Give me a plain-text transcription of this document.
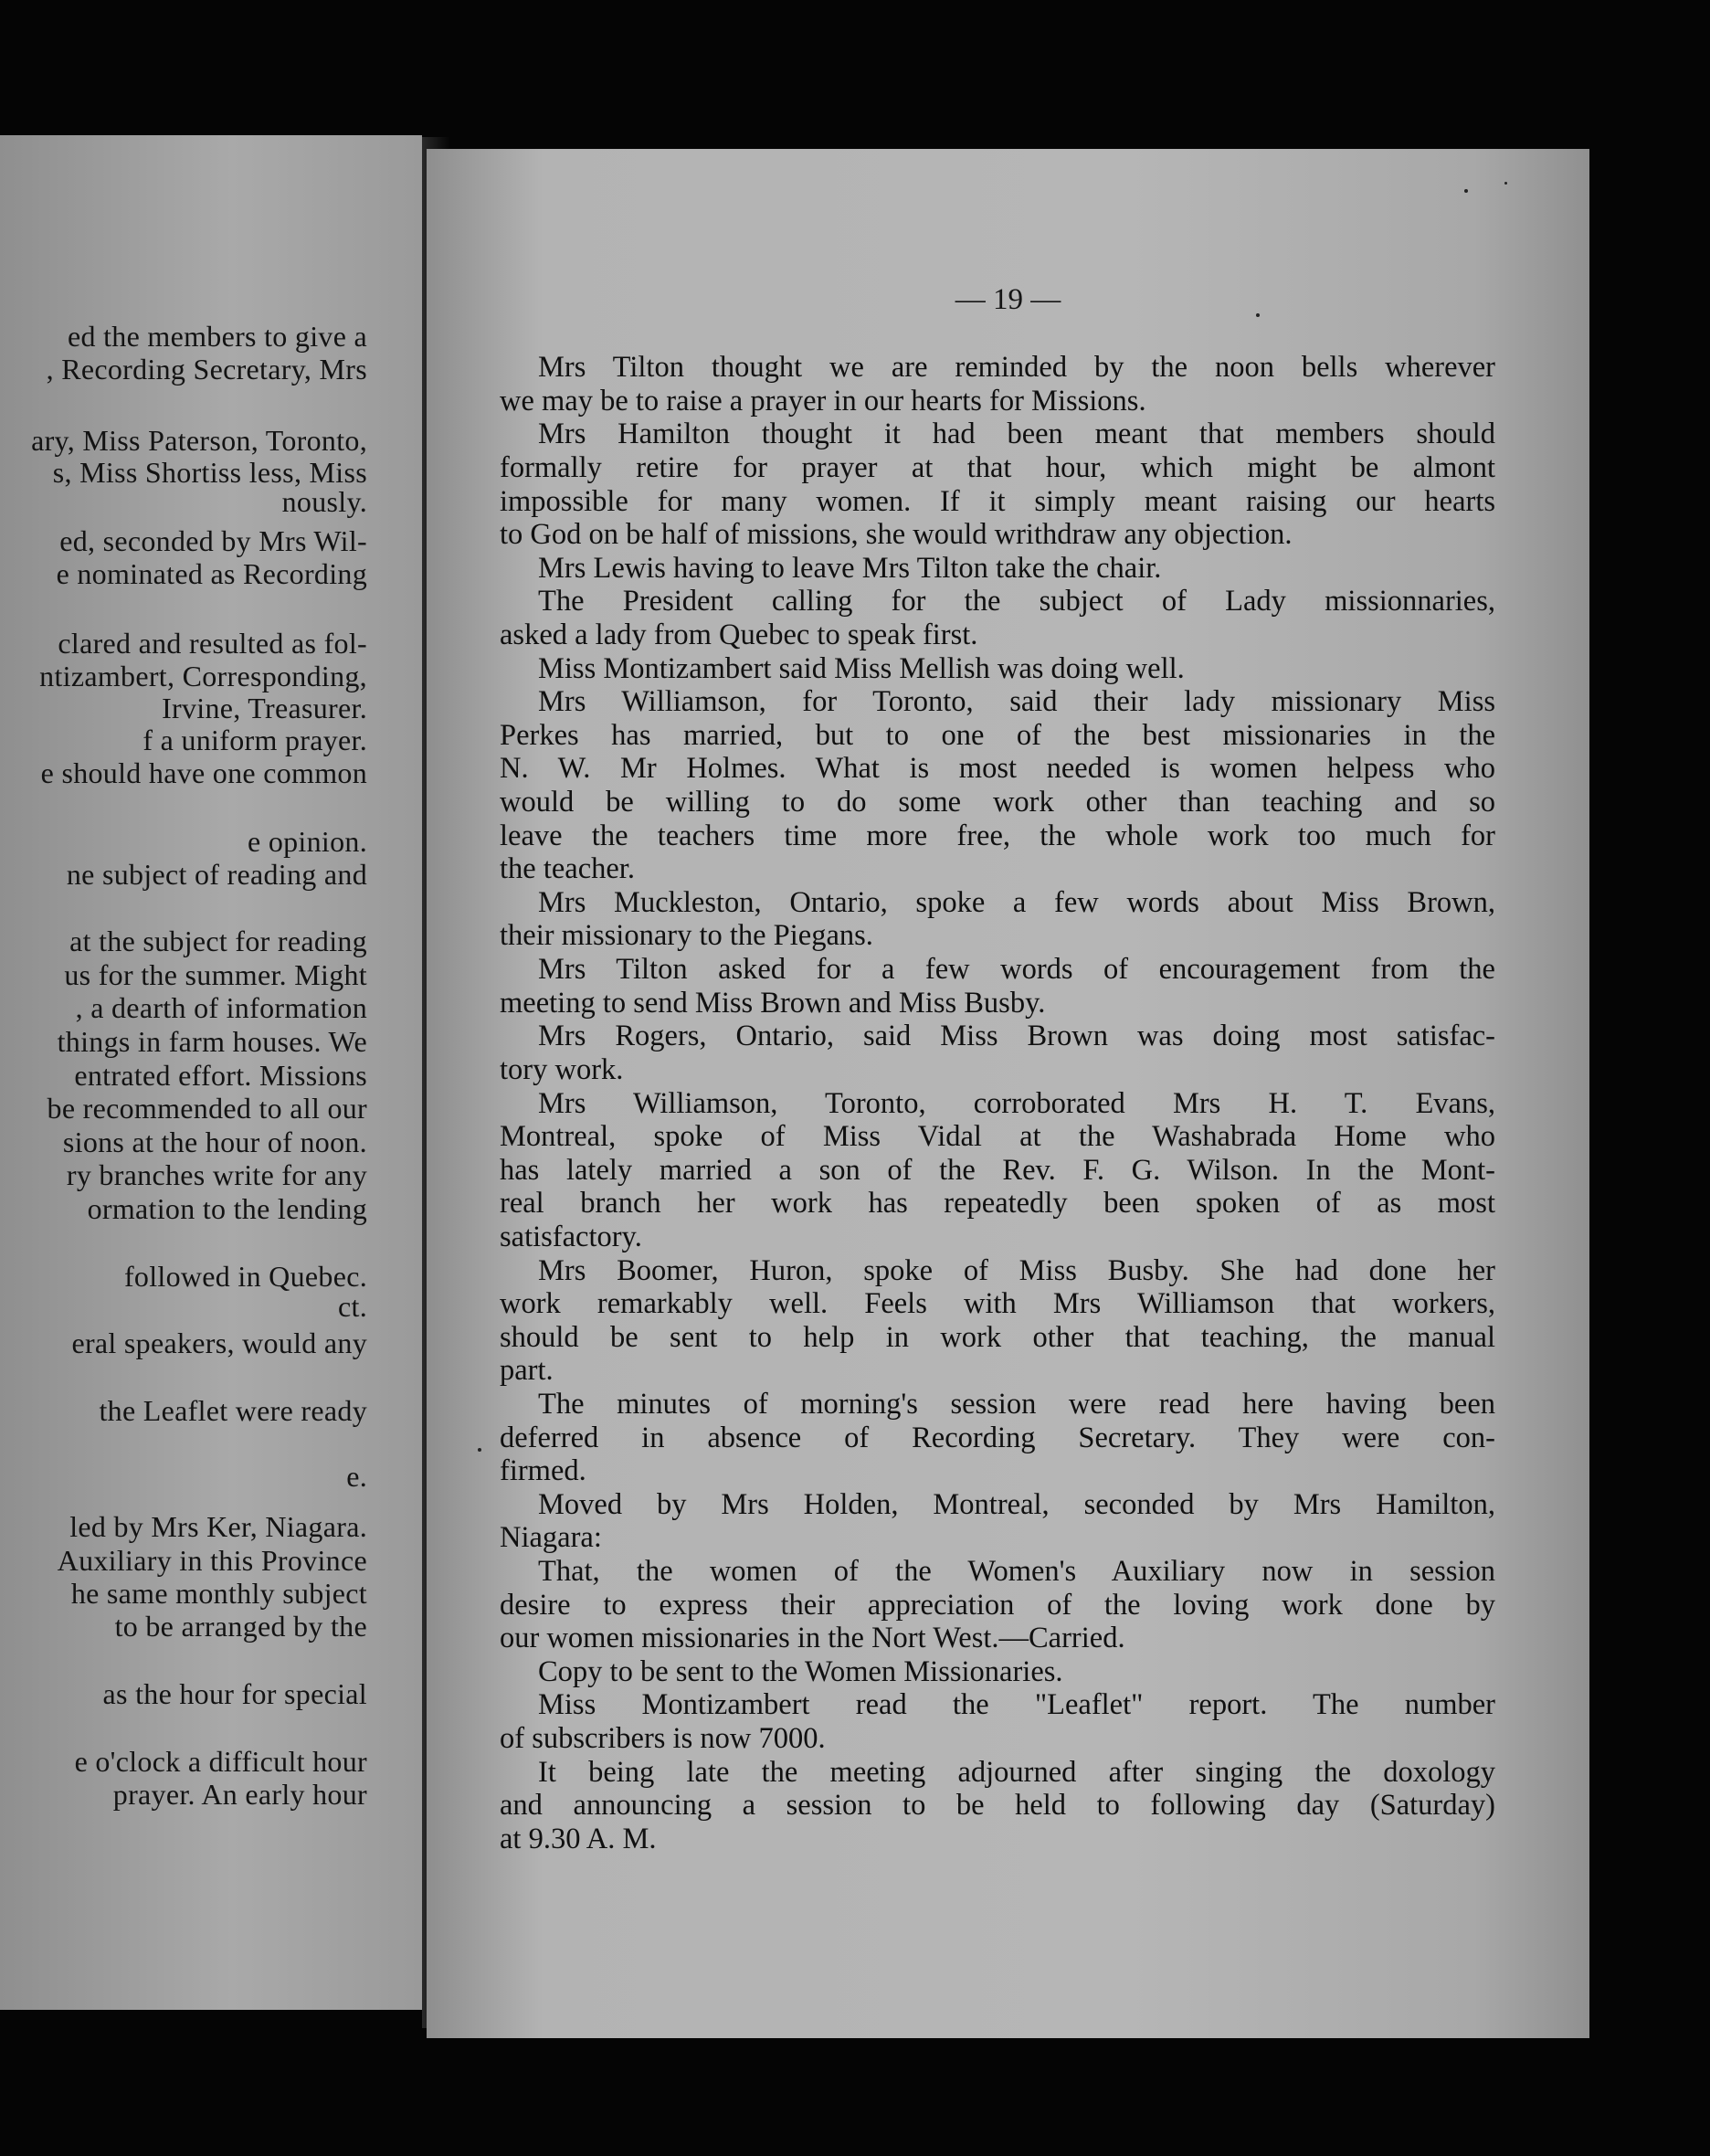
ed the members to give a
, Recording Secretary, Mrs
ary, Miss Paterson, Toronto,
s, Miss Shortiss less, Miss
nously.
ed, seconded by Mrs Wil-
e nominated as Recording
clared and resulted as fol-
ntizambert, Corresponding,
Irvine, Treasurer.
f a uniform prayer.
e should have one common
e opinion.
ne subject of reading and
at the subject for reading
us for the summer. Might
, a dearth of information
things in farm houses. We
entrated effort. Missions
be recommended to all our
sions at the hour of noon.
ry branches write for any
ormation to the lending
followed in Quebec.
ct.
eral speakers, would any
the Leaflet were ready
e.
led by Mrs Ker, Niagara.
Auxiliary in this Province
he same monthly subject
to be arranged by the
as the hour for special
e o'clock a difficult hour
prayer. An early hour
— 19 —
Mrs Tilton thought we are reminded by the noon bells wherever
we may be to raise a prayer in our hearts for Missions.
Mrs Hamilton thought it had been meant that members should
formally retire for prayer at that hour, which might be almont
impossible for many women. If it simply meant raising our hearts
to God on be half of missions, she would writhdraw any objection.
Mrs Lewis having to leave Mrs Tilton take the chair.
The President calling for the subject of Lady missionnaries,
asked a lady from Quebec to speak first.
Miss Montizambert said Miss Mellish was doing well.
Mrs Williamson, for Toronto, said their lady missionary Miss
Perkes has married, but to one of the best missionaries in the
N. W. Mr Holmes. What is most needed is women helpess who
would be willing to do some work other than teaching and so
leave the teachers time more free, the whole work too much for
the teacher.
Mrs Muckleston, Ontario, spoke a few words about Miss Brown,
their missionary to the Piegans.
Mrs Tilton asked for a few words of encouragement from the
meeting to send Miss Brown and Miss Busby.
Mrs Rogers, Ontario, said Miss Brown was doing most satisfac-
tory work.
Mrs Williamson, Toronto, corroborated Mrs H. T. Evans,
Montreal, spoke of Miss Vidal at the Washabrada Home who
has lately married a son of the Rev. F. G. Wilson. In the Mont-
real branch her work has repeatedly been spoken of as most
satisfactory.
Mrs Boomer, Huron, spoke of Miss Busby. She had done her
work remarkably well. Feels with Mrs Williamson that workers,
should be sent to help in work other that teaching, the manual
part.
The minutes of morning's session were read here having been
deferred in absence of Recording Secretary. They were con-
firmed.
Moved by Mrs Holden, Montreal, seconded by Mrs Hamilton,
Niagara:
That, the women of the Women's Auxiliary now in session
desire to express their appreciation of the loving work done by
our women missionaries in the Nort West.—Carried.
Copy to be sent to the Women Missionaries.
Miss Montizambert read the "Leaflet" report. The number
of subscribers is now 7000.
It being late the meeting adjourned after singing the doxology
and announcing a session to be held to following day (Saturday)
at 9.30 A. M.
